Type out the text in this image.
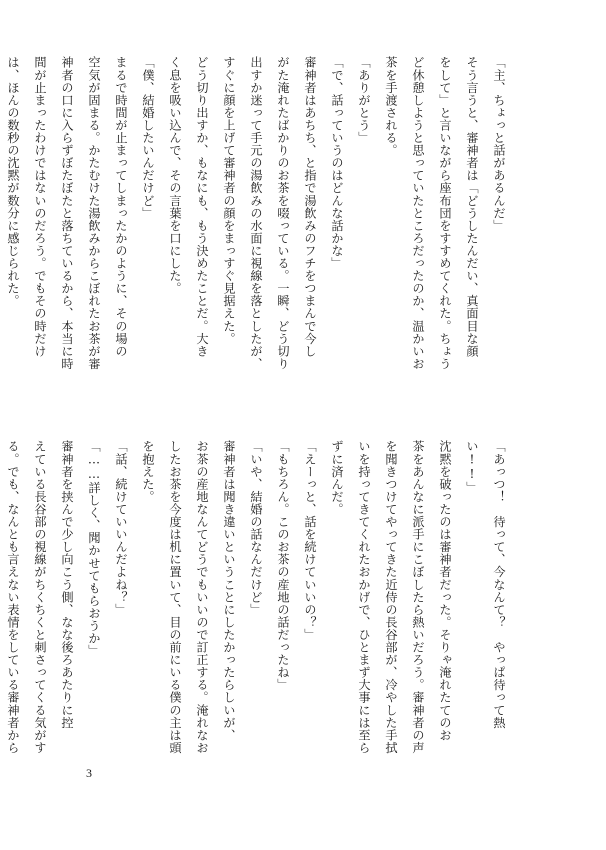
「主、ちょっと話があるんだ」

そう言うと、審神者は「どうしたんだい、真面目な顔

をして」と言いながら座布団をすすめてくれた。ちょう

ど休憩しようと思っていたところだったのか、温かいお

茶を手渡される。

「ありがとう」

「で、話っていうのはどんな話かな」

審神者はあちち、と指で湯飲みのフチをつまんで今し

がた淹れたばかりのお茶を啜っている。一瞬、どう切り

出すか迷って手元の湯飲みの水面に視線を落としたが、

すぐに顔を上げて審神者の顔をまっすぐ見据えた。

どう切り出すか、もなにも、もう決めたことだ。大き

く息を吸い込んで、その言葉を口にした。

「僕、結婚したいんだけど」

まるで時間が止まってしまったかのように、その場の

空気が固まる。かたむけた湯飲みからこぼれたお茶が審

神者の口に入らずぼたぼたと落ちているから、本当に時

間が止まったわけではないのだろう。でもその時だけ

は、ほんの数秒の沈黙が数分に感じられた。

「あっつ！　待って、今なんて？　やっぱ待って熱

い!!」

沈黙を破ったのは審神者だった。そりゃ淹れたてのお

茶をあんなに派手にこぼしたら熱いだろう。審神者の声

を聞きつけてやってきた近侍の長谷部が、冷やした手拭

いを持ってきてくれたおかげで、ひとまず大事には至ら

ずに済んだ。

「えーっと、話を続けていいの？」

「もちろん。このお茶の産地の話だったね」

「いや、結婚の話なんだけど」

審神者は聞き違いということにしたかったらしいが、

お茶の産地なんてどうでもいいので訂正する。淹れなお

したお茶を今度は机に置いて、目の前にいる僕の主は頭

を抱えた。

「話、続けていいんだよね？」

「……詳しく、聞かせてもらおうか」

審神者を挟んで少し向こう側、なな後ろあたりに控

えている長谷部の視線がちくちくと刺さってくる気がす

る。でも、なんとも言えない表情をしている審神者から

3
